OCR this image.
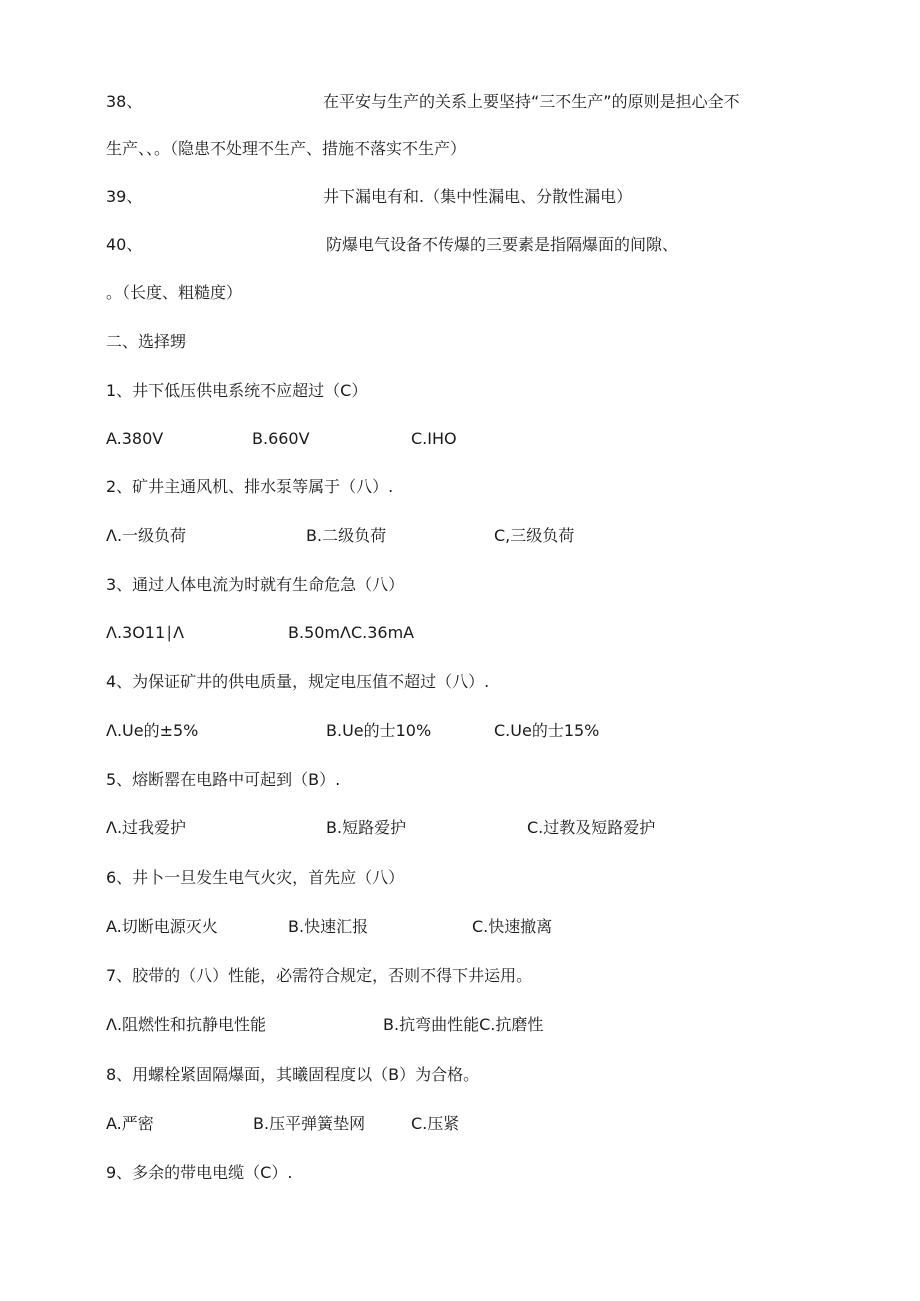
38、	在平安与生产的关系上要坚持“三不生产”的原则是担心全不
生产、、。（隐患不处理不生产、措施不落实不生产）
39、	井下漏电有和.（集中性漏电、分散性漏电）
40、	防爆电气设备不传爆的三要素是指隔爆面的间隙、
。（长度、粗糙度）
二、选择甥
1、井下低压供电系统不应超过（C）
A.380V	B.660V	C.IHO
2、矿井主通风机、排水泵等属于（八）.
Λ.一级负荷	B.二级负荷	C,三级负荷
3、通过人体电流为时就有生命危急（八）
Λ.3O11∣Λ	B.50mΛC.36mA
4、为保证矿井的供电质量，规定电压值不超过（八）.
Λ.Ue的±5%	B.Ue的士10%	C.Ue的士15%
5、熔断罂在电路中可起到（B）.
Λ.过我爱护	B.短路爱护	C.过教及短路爱护
6、井卜一旦发生电气火灾，首先应（八）
A.切断电源灭火	B.快速汇报	C.快速撤离
7、胶带的（八）性能，必需符合规定，否则不得下井运用。
Λ.阻燃性和抗静电性能	B.抗弯曲性能C.抗磨性
8、用螺栓紧固隔爆面，其曦固程度以（B）为合格。
A.严密	B.压平弹簧垫网	C.压紧
9、多余的带电电缆（C）.
